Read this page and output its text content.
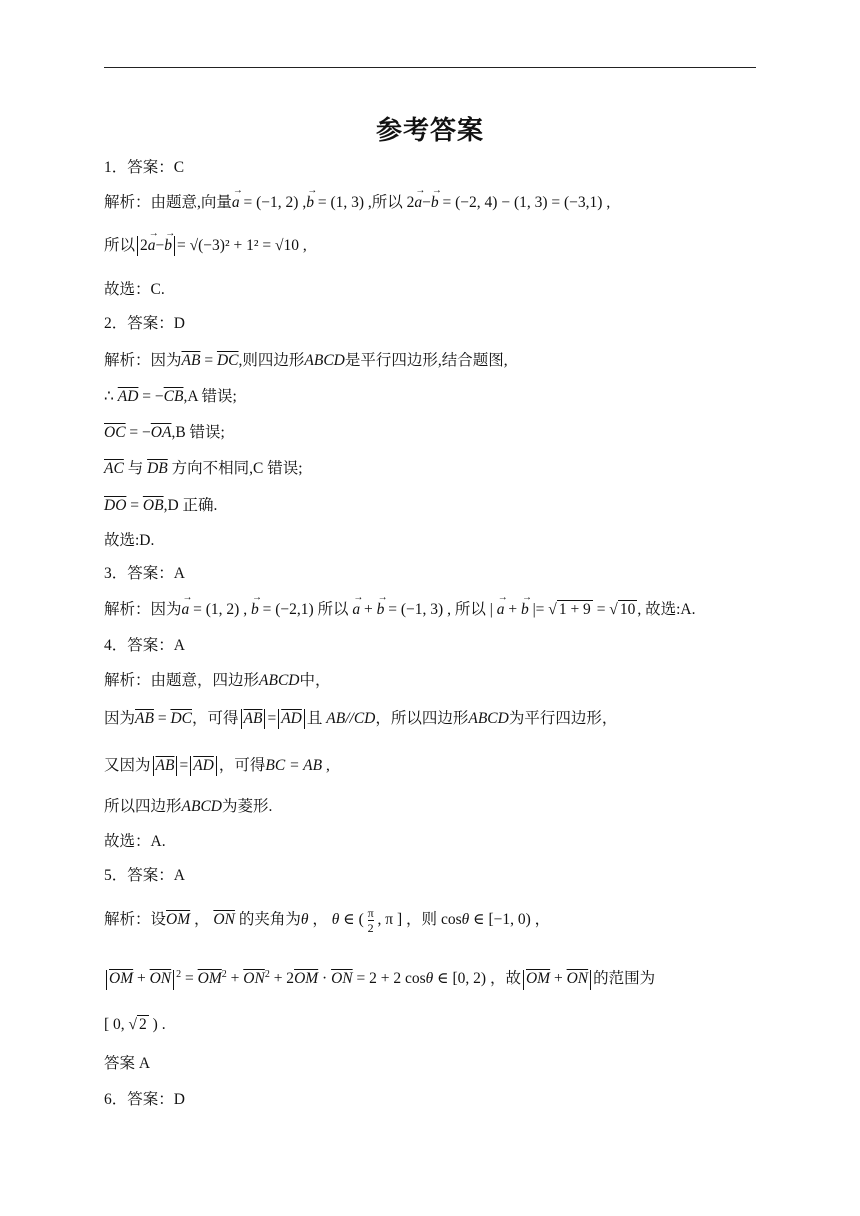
参考答案
1．答案：C
解析：由题意,向量→ a = (−1, 2) ,→ b = (1, 3) ,所以 2→ a−→ b = (−2, 4) − (1, 3) = (−3,1) ,
所以 2→ a−→ b = √(−3)² + 1² = √10 ,
故选：C.
2．答案：D
解析：因为$\overline{AB} = \overline{DC}$,则四边形ABCD是平行四边形,结合题图,
∴ $\overline{AD} = -\overline{CB},A$ 错误;
$\overline{OC} = -\overline{OA},B$ 错误;
$\overline{AC}$ 与 $\overline{DB}$ 方向不相同,C 错误;
$\overline{DO} = \overline{OB},D$ 正确.
故选:D.
3．答案：A
解析：因为→ a = (1, 2) , → b = (−2,1) 所以 → a + → b = (−1, 3) , 所以 | → a + → b |= √ 1 + 9 = √ 10 , 故选:A.
4．答案：A
解析：由题意，四边形ABCD中，
因为$\overline{AB} = \overline{DC}$，可得 $\overline{AB} = \overline{AD}$ 且 AB//CD，所以四边形ABCD为平行四边形，
又因为 $\overline{AB} = \overline{AD}$ ，可得BC = AB ,
所以四边形ABCD为菱形.
故选：A.
5．答案：A
解析：设$\overline{OM}$ ， $\overline{ON}$ 的夹角为θ ， θ ∈ ( $\frac{\pi}{2}$ , π ] ，则 cosθ ∈ [−1, 0) ，
$\overline{OM} + \overline{ON}$ $^2 = \overline{OM}^2 + \overline{ON}^2 + 2\overline{OM} \cdot \overline{ON} = 2 + 2$ cosθ ∈ [0, 2) ，故 $\overline{OM} + \overline{ON}$ 的范围为
[ 0, √ 2 ) .
答案 A
6．答案：D
